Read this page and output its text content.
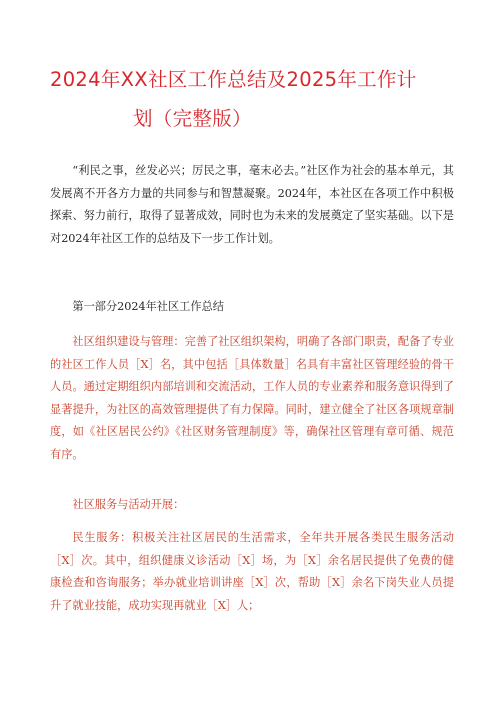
2024年XX社区工作总结及2025年工作计
划（完整版）

“利民之事，丝发必兴；厉民之事，毫末必去。”社区作为社会的基本单元，其发展离不开各方力量的共同参与和智慧凝聚。2024年，本社区在各项工作中积极探索、努力前行，取得了显著成效，同时也为未来的发展奠定了坚实基础。以下是对2024年社区工作的总结及下一步工作计划。

第一部分2024年社区工作总结

社区组织建设与管理：完善了社区组织架构，明确了各部门职责，配备了专业的社区工作人员［X］名，其中包括［具体数量］名具有丰富社区管理经验的骨干人员。通过定期组织内部培训和交流活动，工作人员的专业素养和服务意识得到了显著提升，为社区的高效管理提供了有力保障。同时，建立健全了社区各项规章制度，如《社区居民公约》《社区财务管理制度》等，确保社区管理有章可循、规范有序。

社区服务与活动开展：

民生服务：积极关注社区居民的生活需求，全年共开展各类民生服务活动［X］次。其中，组织健康义诊活动［X］场，为［X］余名居民提供了免费的健康检查和咨询服务；举办就业培训讲座［X］次，帮助［X］余名下岗失业人员提升了就业技能，成功实现再就业［X］人；
